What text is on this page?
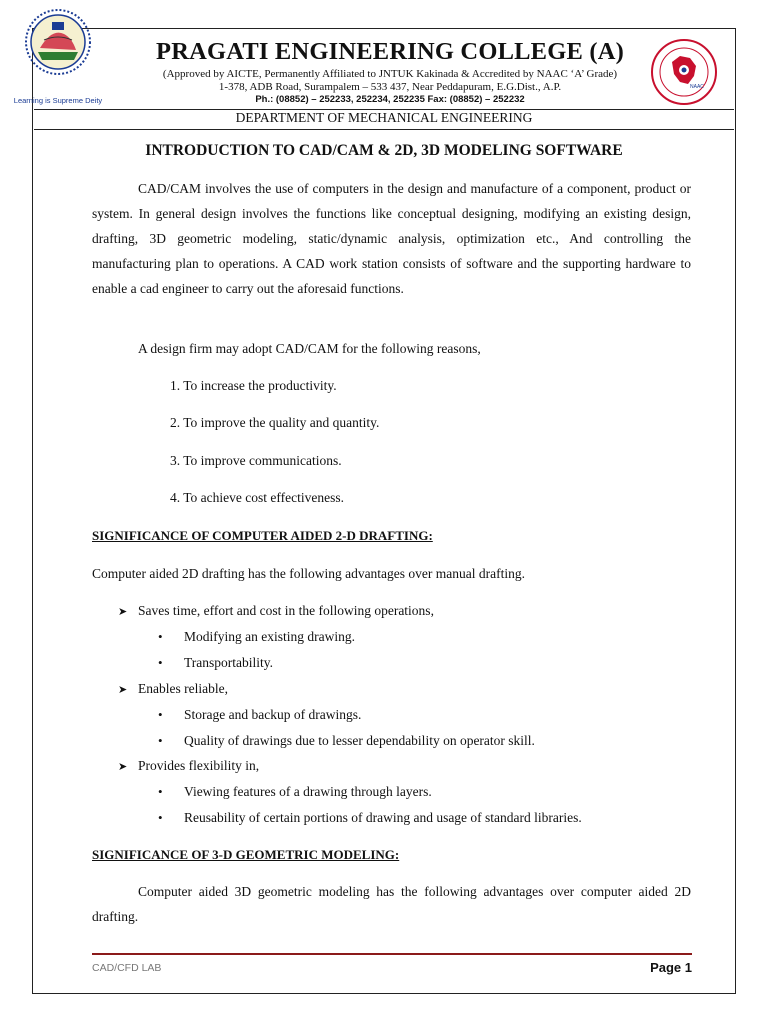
Learning is Supreme Deity
NAAC
PRAGATI ENGINEERING COLLEGE (A)
(Approved by AICTE, Permanently Affiliated to JNTUK Kakinada & Accredited by NAAC ‘A’ Grade)
1-378, ADB Road, Surampalem – 533 437, Near Peddapuram, E.G.Dist., A.P.
Ph.: (08852) – 252233, 252234, 252235 Fax: (08852) – 252232
DEPARTMENT OF MECHANICAL ENGINEERING
INTRODUCTION TO CAD/CAM & 2D, 3D MODELING SOFTWARE
CAD/CAM involves the use of computers in the design and manufacture of a component, product or system. In general design involves the functions like conceptual designing, modifying an existing design, drafting, 3D geometric modeling, static/dynamic analysis, optimization etc., And controlling the manufacturing plan to operations. A CAD work station consists of software and the supporting hardware to enable a cad engineer to carry out the aforesaid functions.
A design firm may adopt CAD/CAM for the following reasons,
1. To increase the productivity.
2. To improve the quality and quantity.
3. To improve communications.
4. To achieve cost effectiveness.
SIGNIFICANCE OF COMPUTER AIDED 2-D DRAFTING:
Computer aided 2D drafting has the following advantages over manual drafting.
➤ Saves time, effort and cost in the following operations,
• Modifying an existing drawing.
• Transportability.
➤ Enables reliable,
• Storage and backup of drawings.
• Quality of drawings due to lesser dependability on operator skill.
➤ Provides flexibility in,
• Viewing features of a drawing through layers.
• Reusability of certain portions of drawing and usage of standard libraries.
SIGNIFICANCE OF 3-D GEOMETRIC MODELING:
Computer aided 3D geometric modeling has the following advantages over computer aided 2D drafting.
CAD/CFD LAB	Page 1
